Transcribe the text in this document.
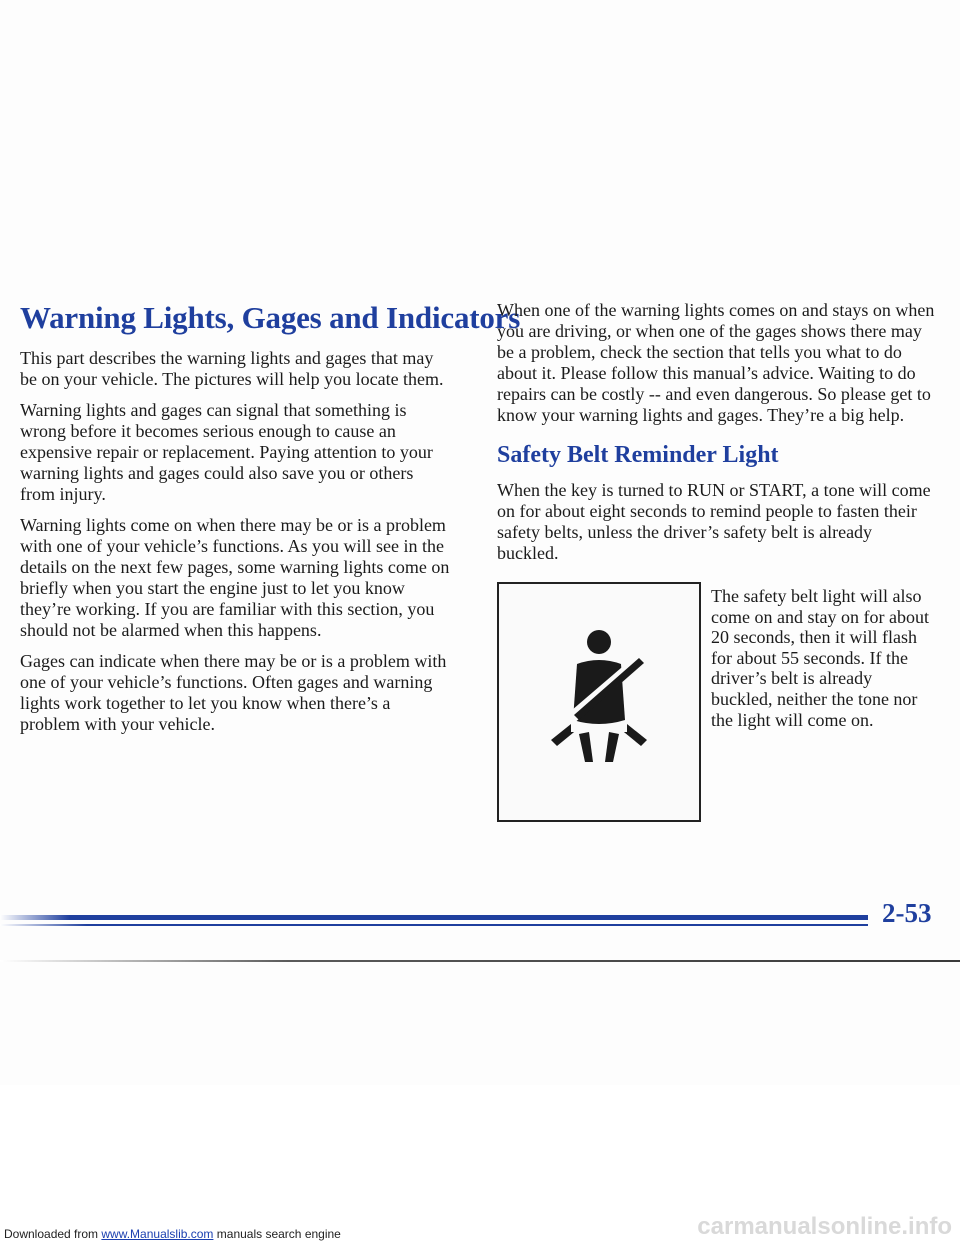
Warning Lights, Gages and Indicators

This part describes the warning lights and gages that may be on your vehicle. The pictures will help you locate them.

Warning lights and gages can signal that something is wrong before it becomes serious enough to cause an expensive repair or replacement. Paying attention to your warning lights and gages could also save you or others from injury.

Warning lights come on when there may be or is a problem with one of your vehicle’s functions. As you will see in the details on the next few pages, some warning lights come on briefly when you start the engine just to let you know they’re working. If you are familiar with this section, you should not be alarmed when this happens.

Gages can indicate when there may be or is a problem with one of your vehicle’s functions. Often gages and warning lights work together to let you know when there’s a problem with your vehicle.

When one of the warning lights comes on and stays on when you are driving, or when one of the gages shows there may be a problem, check the section that tells you what to do about it. Please follow this manual’s advice. Waiting to do repairs can be costly -- and even dangerous. So please get to know your warning lights and gages. They’re a big help.

Safety Belt Reminder Light

When the key is turned to RUN or START, a tone will come on for about eight seconds to remind people to fasten their safety belts, unless the driver’s safety belt is already buckled.

The safety belt light will also come on and stay on for about 20 seconds, then it will flash for about 55 seconds. If the driver’s belt is already buckled, neither the tone nor the light will come on.

2-53
Downloaded from www.Manualslib.com manuals search engine	carmanualsonline.info
